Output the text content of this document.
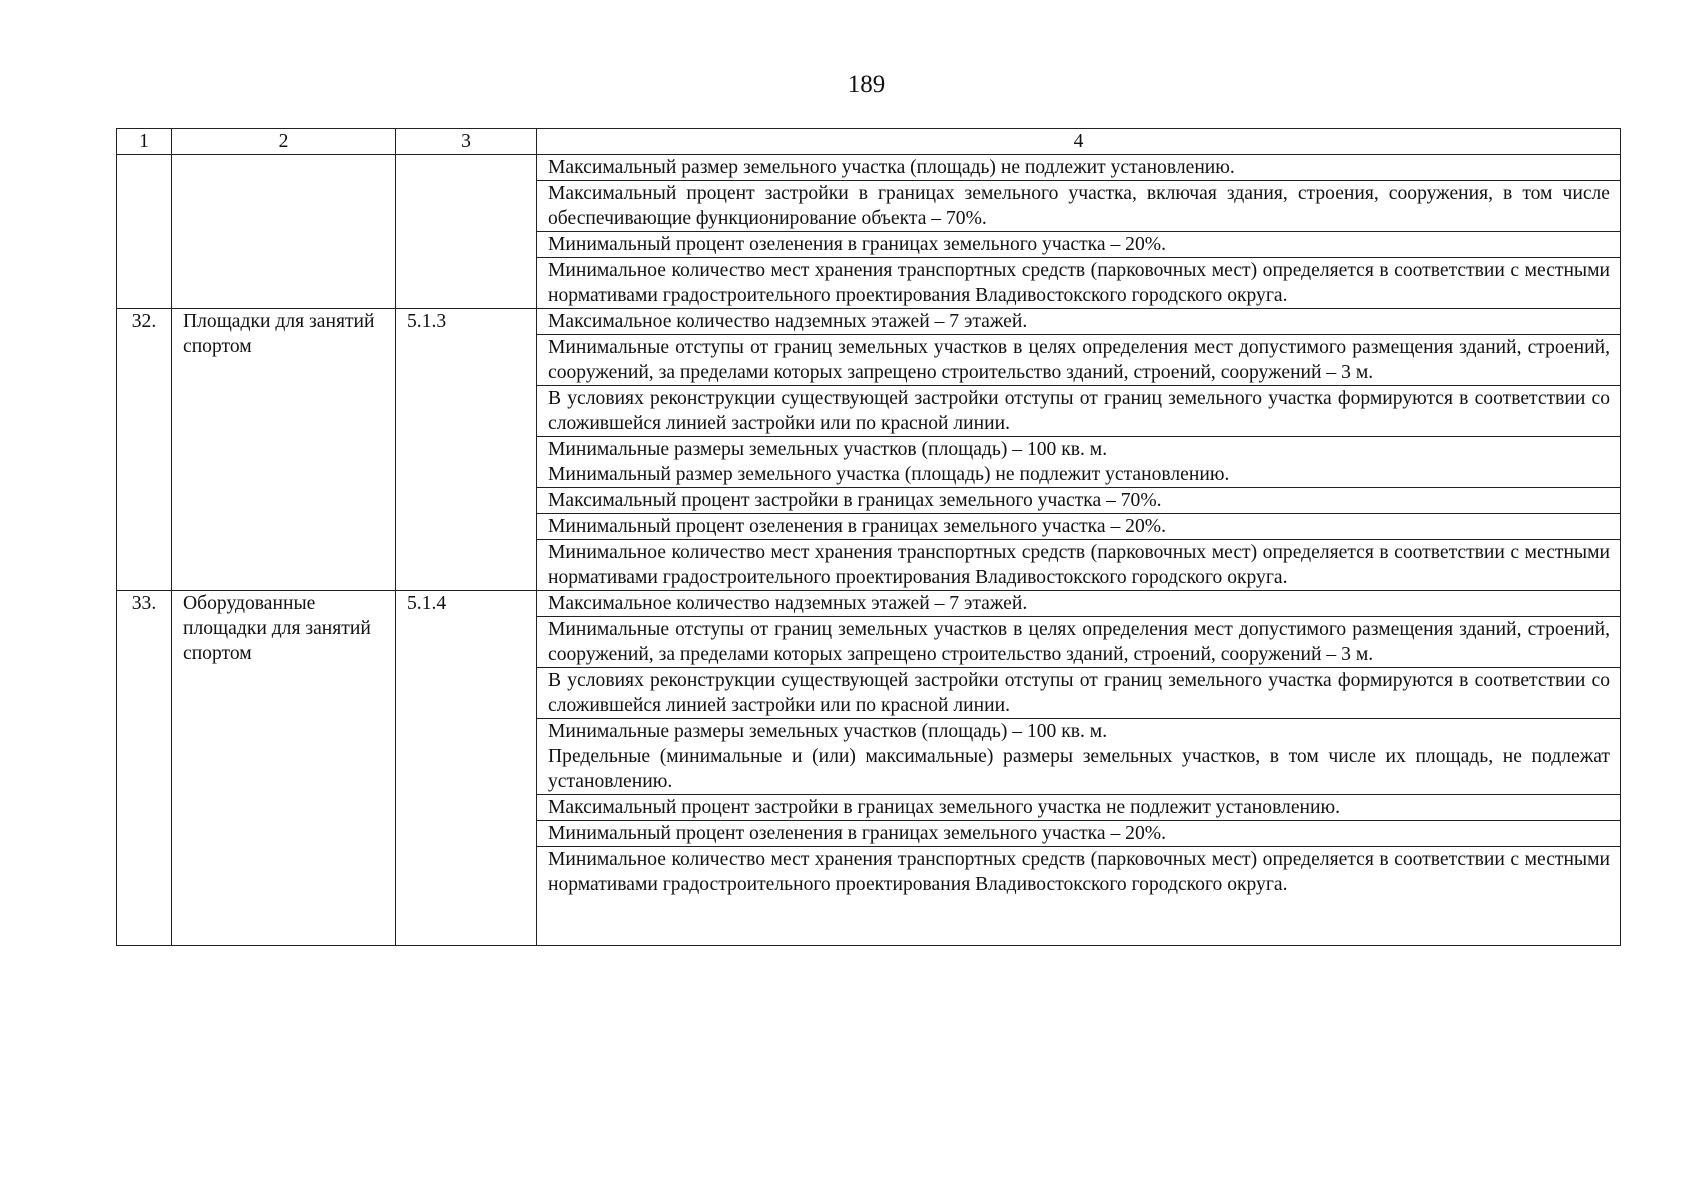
189
1	2	3	4
			Максимальный размер земельного участка (площадь) не подлежит установлению.
			Максимальный процент застройки в границах земельного участка, включая здания, строения, сооружения, в том числе обеспечивающие функционирование объекта – 70%.
			Минимальный процент озеленения в границах земельного участка – 20%.
			Минимальное количество мест хранения транспортных средств (парковочных мест) определяется в соответствии с местными нормативами градостроительного проектирования Владивостокского городского округа.
32.	Площадки для занятий спортом	5.1.3	Максимальное количество надземных этажей – 7 этажей.
			Минимальные отступы от границ земельных участков в целях определения мест допустимого размещения зданий, строений, сооружений, за пределами которых запрещено строительство зданий, строений, сооружений – 3 м.
			В условиях реконструкции существующей застройки отступы от границ земельного участка формируются в соответствии со сложившейся линией застройки или по красной линии.

			Минимальные размеры земельных участков (площадь) – 100 кв. м.
Минимальный размер земельного участка (площадь) не подлежит установлению.

			Максимальный процент застройки в границах земельного участка – 70%.
			Минимальный процент озеленения в границах земельного участка – 20%.
			Минимальное количество мест хранения транспортных средств (парковочных мест) определяется в соответствии с местными нормативами градостроительного проектирования Владивостокского городского округа.
33.	Оборудованные площадки для занятий спортом	5.1.4	Максимальное количество надземных этажей – 7 этажей.
			Минимальные отступы от границ земельных участков в целях определения мест допустимого размещения зданий, строений, сооружений, за пределами которых запрещено строительство зданий, строений, сооружений – 3 м.
			В условиях реконструкции существующей застройки отступы от границ земельного участка формируются в соответствии со сложившейся линией застройки или по красной линии.

			Минимальные размеры земельных участков (площадь) – 100 кв. м.
Предельные (минимальные и (или) максимальные) размеры земельных участков, в том числе их площадь, не подлежат установлению.

			Максимальный процент застройки в границах земельного участка не подлежит установлению.
			Минимальный процент озеленения в границах земельного участка – 20%.
			Минимальное количество мест хранения транспортных средств (парковочных мест) определяется в соответствии с местными нормативами градостроительного проектирования Владивостокского городского округа.
